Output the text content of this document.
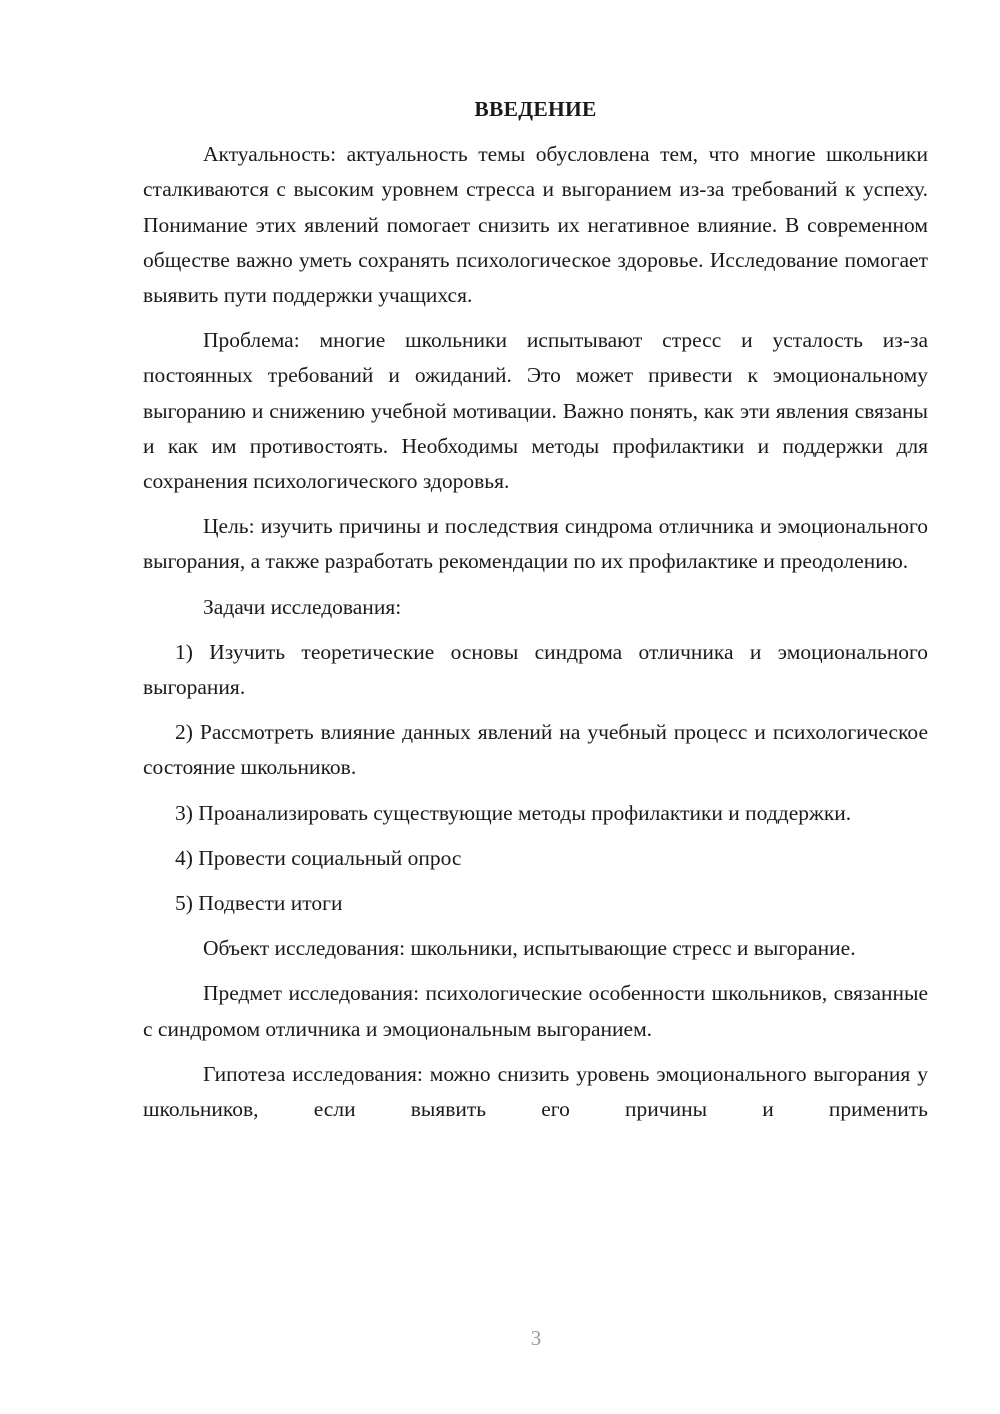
ВВЕДЕНИЕ

Актуальность: актуальность темы обусловлена тем, что многие школьники сталкиваются с высоким уровнем стресса и выгоранием из-за требований к успеху. Понимание этих явлений помогает снизить их негативное влияние. В современном обществе важно уметь сохранять психологическое здоровье. Исследование помогает выявить пути поддержки учащихся.

Проблема: многие школьники испытывают стресс и усталость из-за постоянных требований и ожиданий. Это может привести к эмоциональному выгоранию и снижению учебной мотивации. Важно понять, как эти явления связаны и как им противостоять. Необходимы методы профилактики и поддержки для сохранения психологического здоровья.

Цель: изучить причины и последствия синдрома отличника и эмоционального выгорания, а также разработать рекомендации по их профилактике и преодолению.

Задачи исследования:

1) Изучить теоретические основы синдрома отличника и эмоционального выгорания.

2) Рассмотреть влияние данных явлений на учебный процесс и психологическое состояние школьников.

3) Проанализировать существующие методы профилактики и поддержки.

4) Провести социальный опрос

5) Подвести итоги

Объект исследования: школьники, испытывающие стресс и выгорание.

Предмет исследования: психологические особенности школьников, связанные с синдромом отличника и эмоциональным выгоранием.

Гипотеза исследования: можно снизить уровень эмоционального выгорания у школьников, если выявить его причины и применить

3
